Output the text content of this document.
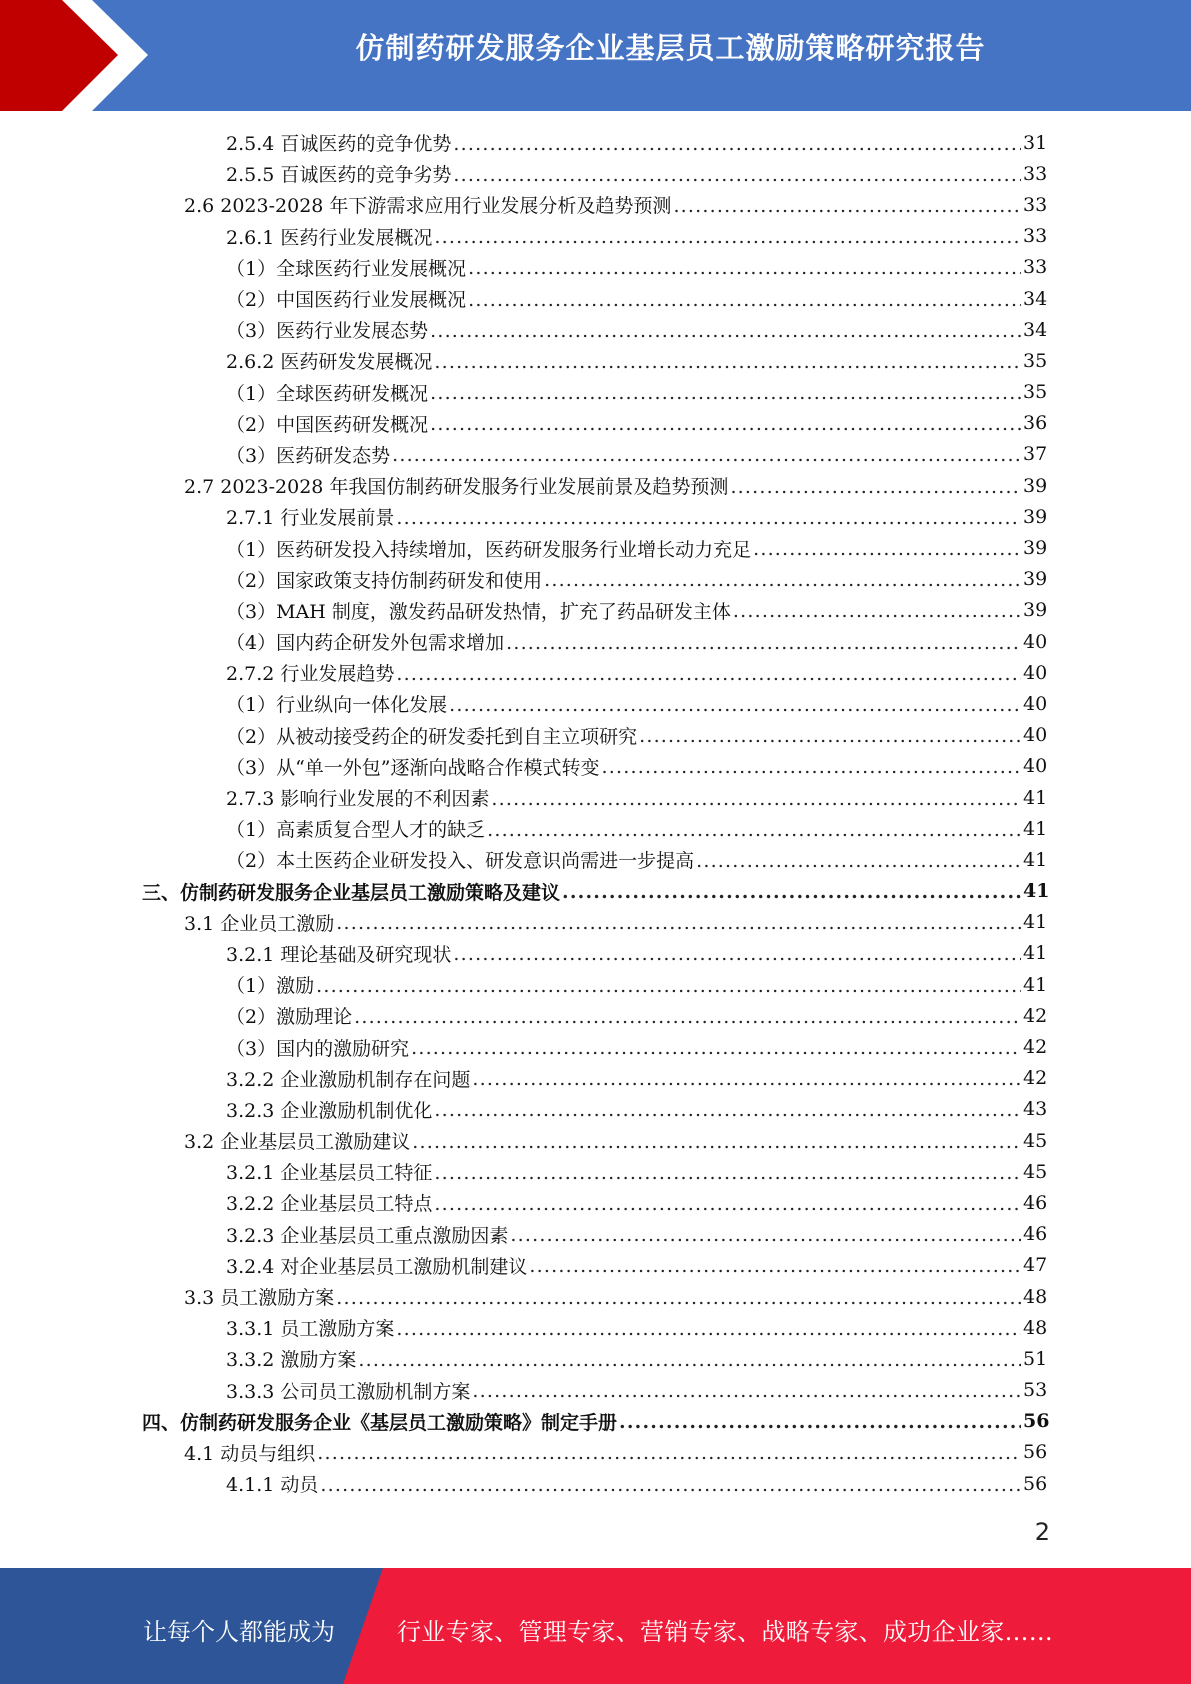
仿制药研发服务企业基层员工激励策略研究报告
2.5.4 百诚医药的竞争优势 .....	31
2.5.5 百诚医药的竞争劣势 .....	33
2.6 2023-2028 年下游需求应用行业发展分析及趋势预测 .....	33
2.6.1 医药行业发展概况 .....	33
（1）全球医药行业发展概况 .....	33
（2）中国医药行业发展概况 .....	34
（3）医药行业发展态势 .....	34
2.6.2 医药研发发展概况 .....	35
（1）全球医药研发概况 .....	35
（2）中国医药研发概况 .....	36
（3）医药研发态势 .....	37
2.7 2023-2028 年我国仿制药研发服务行业发展前景及趋势预测 .....	39
2.7.1 行业发展前景 .....	39
（1）医药研发投入持续增加，医药研发服务行业增长动力充足 .....	39
（2）国家政策支持仿制药研发和使用 .....	39
（3）MAH 制度，激发药品研发热情，扩充了药品研发主体 .....	39
（4）国内药企研发外包需求增加 .....	40
2.7.2 行业发展趋势 .....	40
（1）行业纵向一体化发展 .....	40
（2）从被动接受药企的研发委托到自主立项研究 .....	40
（3）从“单一外包”逐渐向战略合作模式转变 .....	40
2.7.3 影响行业发展的不利因素 .....	41
（1）高素质复合型人才的缺乏 .....	41
（2）本土医药企业研发投入、研发意识尚需进一步提高 .....	41
三、仿制药研发服务企业基层员工激励策略及建议 .....	41
3.1 企业员工激励 .....	41
3.2.1 理论基础及研究现状 .....	41
（1）激励 .....	41
（2）激励理论 .....	42
（3）国内的激励研究 .....	42
3.2.2 企业激励机制存在问题 .....	42
3.2.3 企业激励机制优化 .....	43
3.2 企业基层员工激励建议 .....	45
3.2.1 企业基层员工特征 .....	45
3.2.2 企业基层员工特点 .....	46
3.2.3 企业基层员工重点激励因素 .....	46
3.2.4 对企业基层员工激励机制建议 .....	47
3.3 员工激励方案 .....	48
3.3.1 员工激励方案 .....	48
3.3.2 激励方案 .....	51
3.3.3 公司员工激励机制方案 .....	53
四、仿制药研发服务企业《基层员工激励策略》制定手册 .....	56
4.1 动员与组织 .....	56
4.1.1 动员 .....	56
2
让每个人都能成为	行业专家、管理专家、营销专家、战略专家、成功企业家……
